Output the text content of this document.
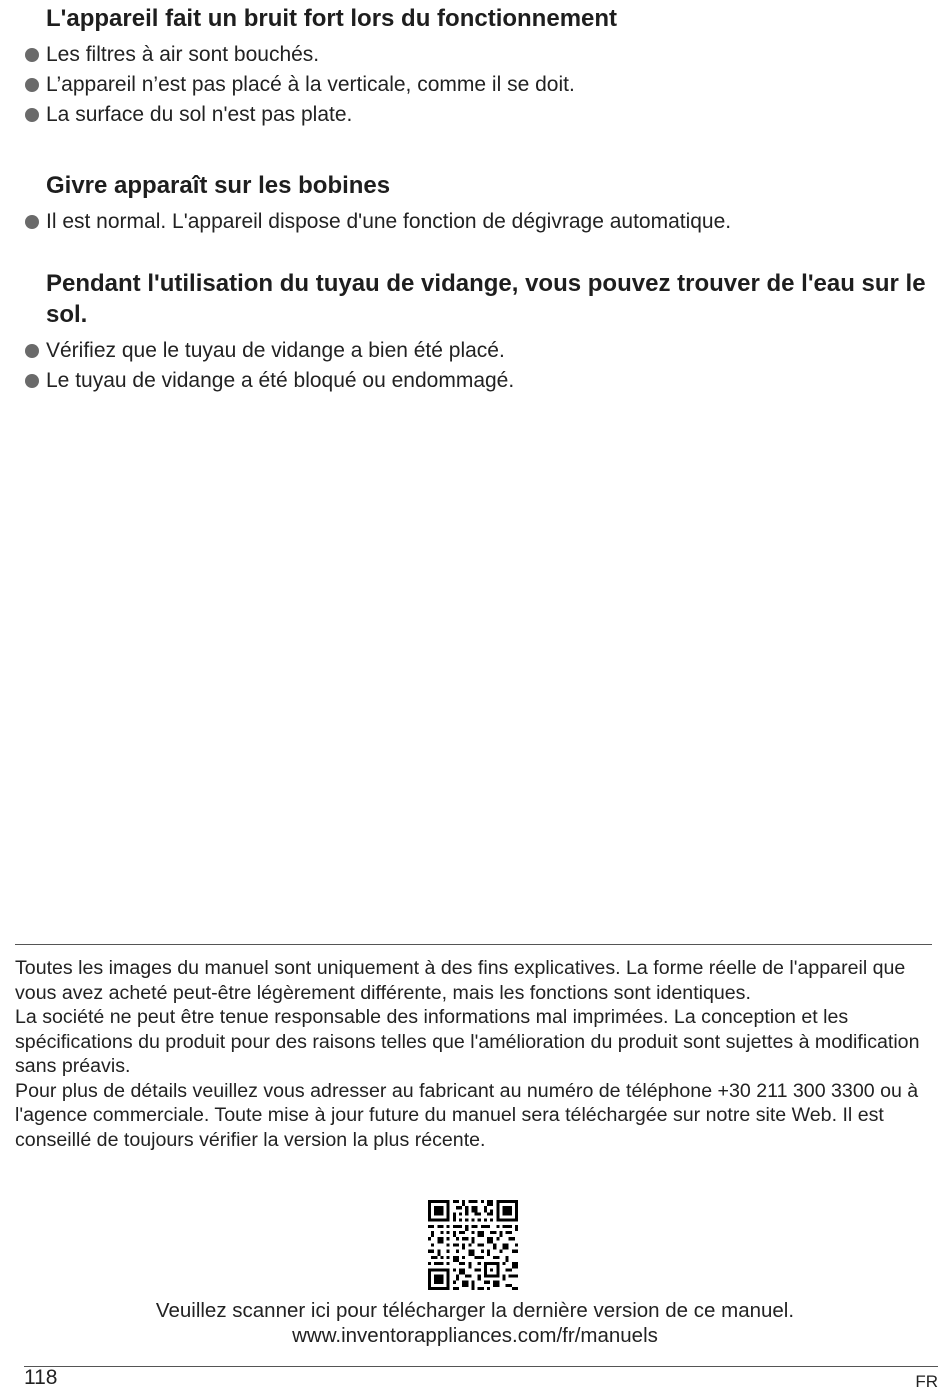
L'appareil fait un bruit fort lors du fonctionnement
Les filtres à air sont bouchés.
L’appareil n’est pas placé à la verticale, comme il se doit.
La surface du sol n'est pas plate.
Givre apparaît sur les bobines
Il est normal. L'appareil dispose d'une fonction de dégivrage automatique.
Pendant l'utilisation du tuyau de vidange, vous pouvez trouver de l'eau sur le sol.
Vérifiez que le tuyau de vidange a bien été placé.
Le tuyau de vidange a été bloqué ou endommagé.

Toutes les images du manuel sont uniquement à des fins explicatives. La forme réelle de l'appareil que vous avez acheté peut-être légèrement différente, mais les fonctions sont identiques.

La société ne peut être tenue responsable des informations mal imprimées. La conception et les spécifications du produit pour des raisons telles que l'amélioration du produit sont sujettes à modification sans préavis.

Pour plus de détails veuillez vous adresser au fabricant au numéro de téléphone +30 211 300 3300 ou à l'agence commerciale. Toute mise à jour future du manuel sera téléchargée sur notre site Web. Il est conseillé de toujours vérifier la version la plus récente.

Veuillez scanner ici pour télécharger la dernière version de ce manuel.
www.inventorappliances.com/fr/manuels
118	FR
